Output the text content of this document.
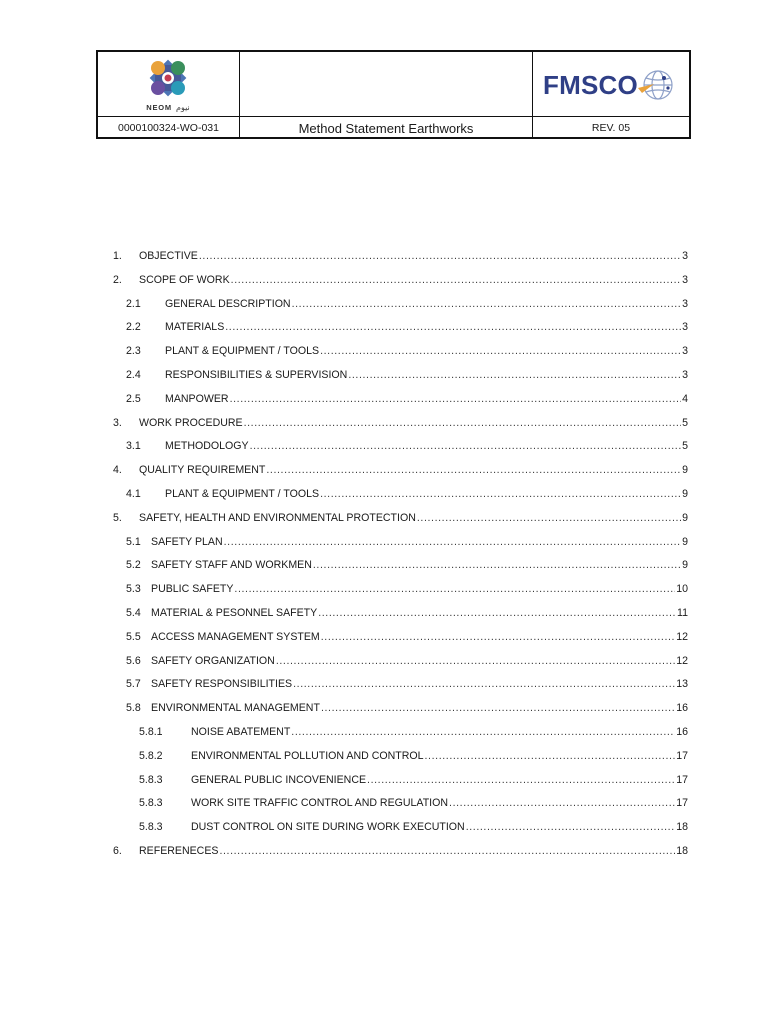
NEOM نيوم
FMSCO
0000100324-WO-031	Method Statement Earthworks	REV. 05
1.	OBJECTIVE .....	3
2.	SCOPE OF WORK .....	3
2.1	GENERAL DESCRIPTION .....	3
2.2	MATERIALS .....	3
2.3	PLANT & EQUIPMENT / TOOLS .....	3
2.4	RESPONSIBILITIES & SUPERVISION .....	3
2.5	MANPOWER .....	4
3.	WORK PROCEDURE .....	5
3.1	METHODOLOGY .....	5
4.	QUALITY REQUIREMENT .....	9
4.1	PLANT & EQUIPMENT / TOOLS .....	9
5.	SAFETY, HEALTH AND ENVIRONMENTAL PROTECTION .....	9
5.1 SAFETY PLAN .....	9
5.2 SAFETY STAFF AND WORKMEN .....	9
5.3 PUBLIC SAFETY .....	10
5.4 MATERIAL & PESONNEL SAFETY .....	11
5.5 ACCESS MANAGEMENT SYSTEM .....	12
5.6 SAFETY ORGANIZATION .....	12
5.7 SAFETY RESPONSIBILITIES .....	13
5.8 ENVIRONMENTAL MANAGEMENT .....	16
5.8.1	NOISE ABATEMENT .....	16
5.8.2	ENVIRONMENTAL POLLUTION AND CONTROL .....	17
5.8.3	GENERAL PUBLIC INCOVENIENCE .....	17
5.8.3	WORK SITE TRAFFIC CONTROL AND REGULATION .....	17
5.8.3	DUST CONTROL ON SITE DURING WORK EXECUTION .....	18
6.	REFERENECES .....	18
